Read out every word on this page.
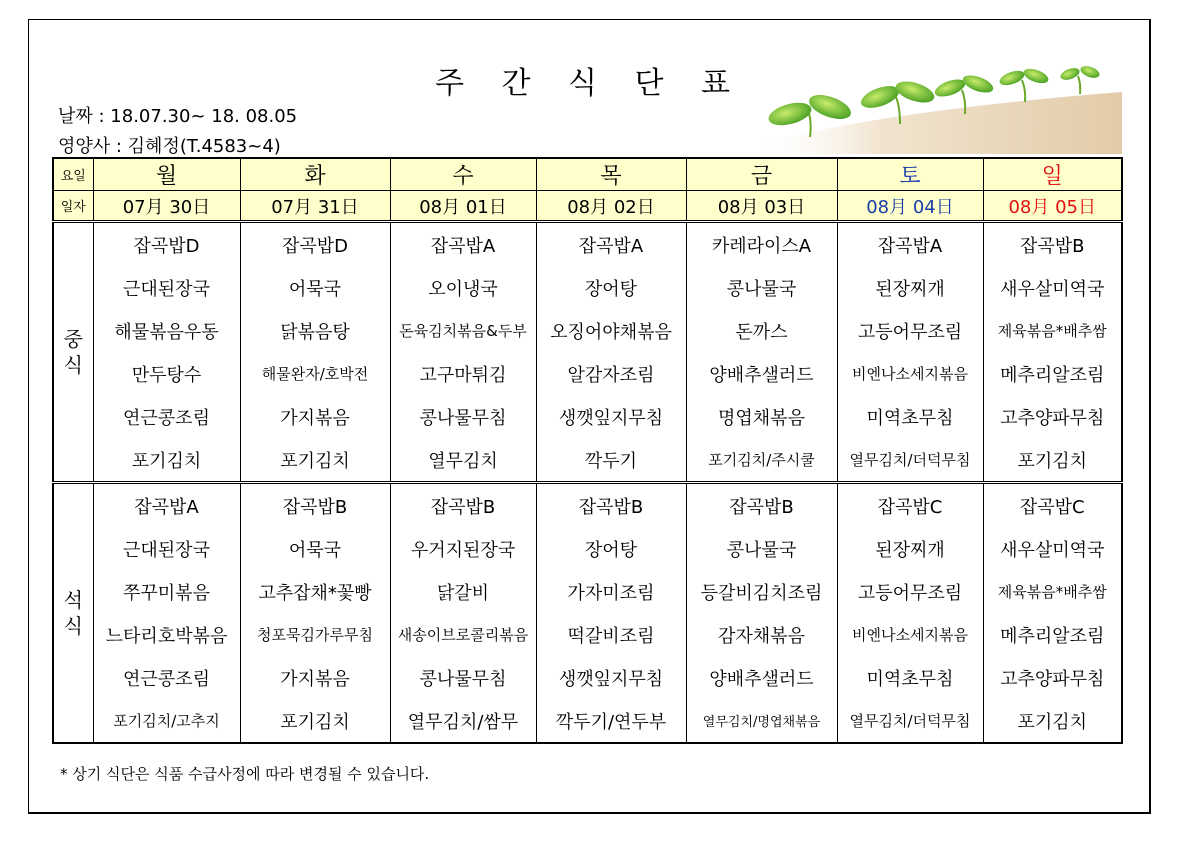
주 간 식 단 표
날짜 : 18.07.30~ 18. 08.05
영양사 : 김혜정(T.4583~4)
요일	월	화	수	목	금	토	일
일자	07月 30日	07月 31日	08月 01日	08月 02日	08月 03日	08月 04日	08月 05日

중
식	잡곡밥D	잡곡밥D	잡곡밥A	잡곡밥A	카레라이스A	잡곡밥A	잡곡밥B
	근대된장국	어묵국	오이냉국	장어탕	콩나물국	된장찌개	새우살미역국
	해물볶음우동	닭볶음탕	돈육김치볶음&두부	오징어야채볶음	돈까스	고등어무조림	제육볶음*배추쌈
	만두탕수	해물완자/호박전	고구마튀김	알감자조림	양배추샐러드	비엔나소세지볶음	메추리알조림
	연근콩조림	가지볶음	콩나물무침	생깻잎지무침	명엽채볶음	미역초무침	고추양파무침
	포기김치	포기김치	열무김치	깍두기	포기김치/주시쿨	열무김치/더덕무침	포기김치

석
식	잡곡밥A	잡곡밥B	잡곡밥B	잡곡밥B	잡곡밥B	잡곡밥C	잡곡밥C
	근대된장국	어묵국	우거지된장국	장어탕	콩나물국	된장찌개	새우살미역국
	쭈꾸미볶음	고추잡채*꽃빵	닭갈비	가자미조림	등갈비김치조림	고등어무조림	제육볶음*배추쌈
	느타리호박볶음	청포묵김가루무침	새송이브로콜리볶음	떡갈비조림	감자채볶음	비엔나소세지볶음	메추리알조림
	연근콩조림	가지볶음	콩나물무침	생깻잎지무침	양배추샐러드	미역초무침	고추양파무침
	포기김치/고추지	포기김치	열무김치/쌈무	깍두기/연두부	열무김치/명엽채볶음	열무김치/더덕무침	포기김치
* 상기 식단은 식품 수급사정에 따라 변경될 수 있습니다.
